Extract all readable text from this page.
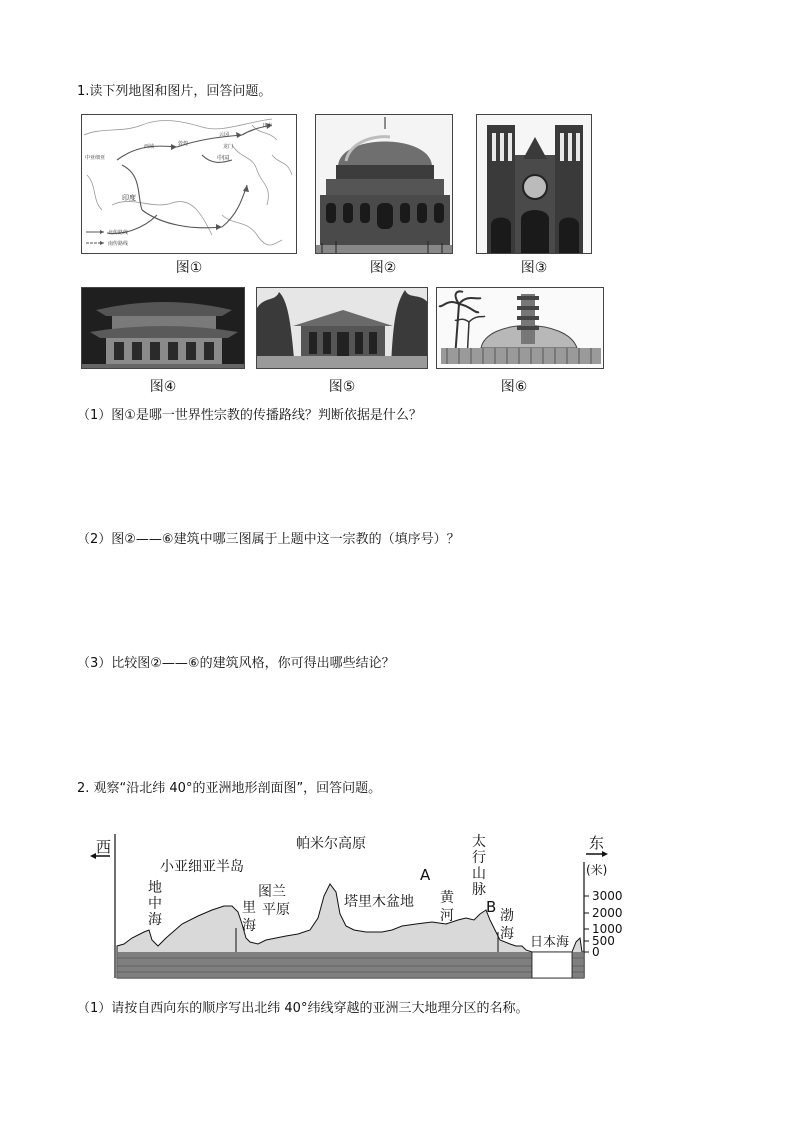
1.读下列地图和图片，回答问题。
中亚细亚
西域	敦煌
云冈
龙门
中国
日本
印度
北传路线
南传路线
图①	图②	图③
图④	图⑤	图⑥
（1）图①是哪一世界性宗教的传播路线？判断依据是什么？
（2）图②——⑥建筑中哪三图属于上题中这一宗教的（填序号）？
（3）比较图②——⑥的建筑风格，你可得出哪些结论？
2. 观察“沿北纬 40°的亚洲地形剖面图”，回答问题。
西	东
(米)
小亚细亚半岛
地
中
海
图兰
平原
里
海
帕米尔高原
塔里木盆地
A
黄
河
太
行
山
脉
B 渤
海
日本海
3000
2000
1000
500
0
（1）请按自西向东的顺序写出北纬 40°纬线穿越的亚洲三大地理分区的名称。
